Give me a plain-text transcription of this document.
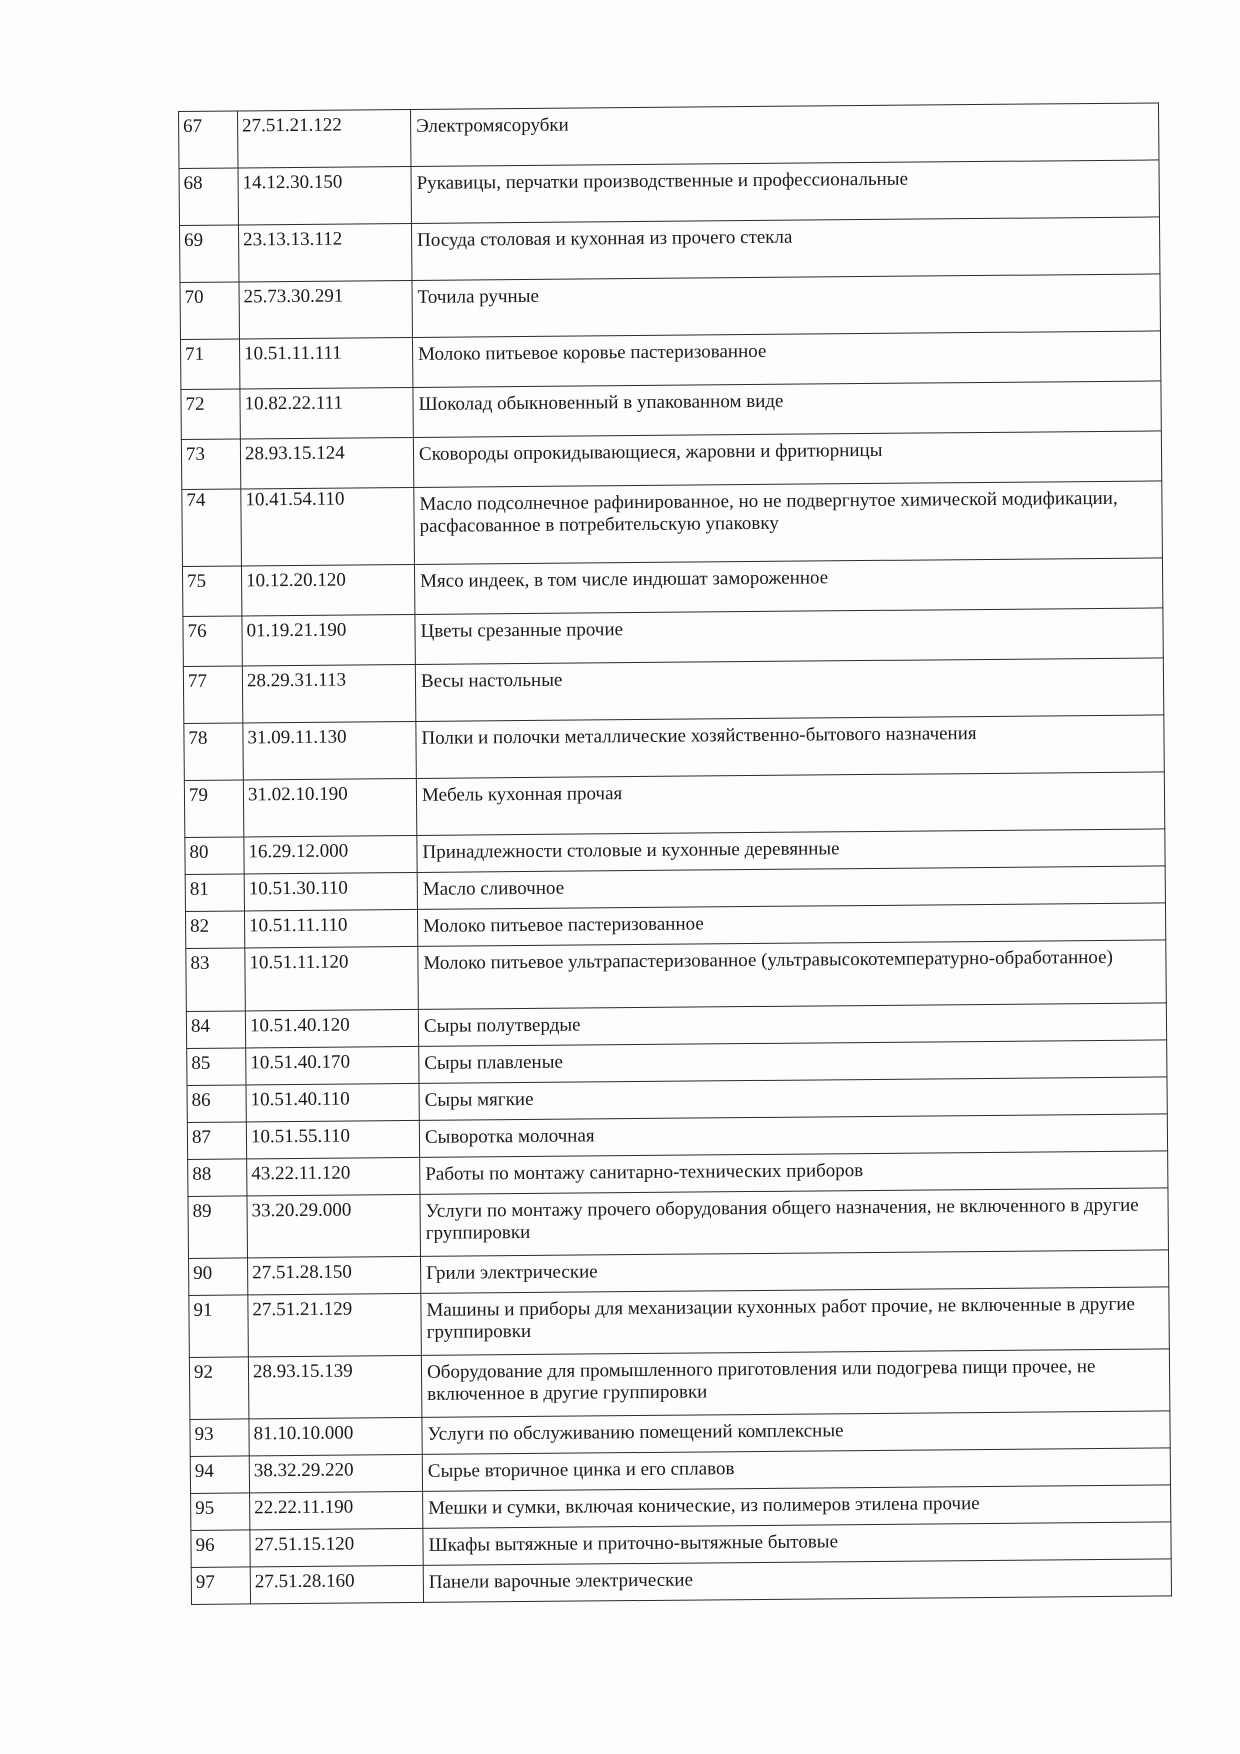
67	27.51.21.122	Электромясорубки

68	14.12.30.150	Рукавицы, перчатки производственные и профессиональные

69	23.13.13.112	Посуда столовая и кухонная из прочего стекла

70	25.73.30.291	Точила ручные

71	10.51.11.111	Молоко питьевое коровье пастеризованное

72	10.82.22.111	Шоколад обыкновенный в упакованном виде

73	28.93.15.124	Сковороды опрокидывающиеся, жаровни и фритюрницы

74	10.41.54.110	Масло подсолнечное рафинированное, но не подвергнутое химической модификации, расфасованное в потребительскую упаковку

75	10.12.20.120	Мясо индеек, в том числе индюшат замороженное

76	01.19.21.190	Цветы срезанные прочие

77	28.29.31.113	Весы настольные

78	31.09.11.130	Полки и полочки металлические хозяйственно-бытового назначения

79	31.02.10.190	Мебель кухонная прочая

80	16.29.12.000	Принадлежности столовые и кухонные деревянные

81	10.51.30.110	Масло сливочное

82	10.51.11.110	Молоко питьевое пастеризованное

83	10.51.11.120	Молоко питьевое ультрапастеризованное (ультравысокотемпературно-обработанное)

84	10.51.40.120	Сыры полутвердые

85	10.51.40.170	Сыры плавленые

86	10.51.40.110	Сыры мягкие

87	10.51.55.110	Сыворотка молочная

88	43.22.11.120	Работы по монтажу санитарно-технических приборов

89	33.20.29.000	Услуги по монтажу прочего оборудования общего назначения, не включенного в другие группировки

90	27.51.28.150	Грили электрические

91	27.51.21.129	Машины и приборы для механизации кухонных работ прочие, не включенные в другие группировки

92	28.93.15.139	Оборудование для промышленного приготовления или подогрева пищи прочее, не включенное в другие группировки

93	81.10.10.000	Услуги по обслуживанию помещений комплексные

94	38.32.29.220	Сырье вторичное цинка и его сплавов

95	22.22.11.190	Мешки и сумки, включая конические, из полимеров этилена прочие

96	27.51.15.120	Шкафы вытяжные и приточно-вытяжные бытовые

97	27.51.28.160	Панели варочные электрические
